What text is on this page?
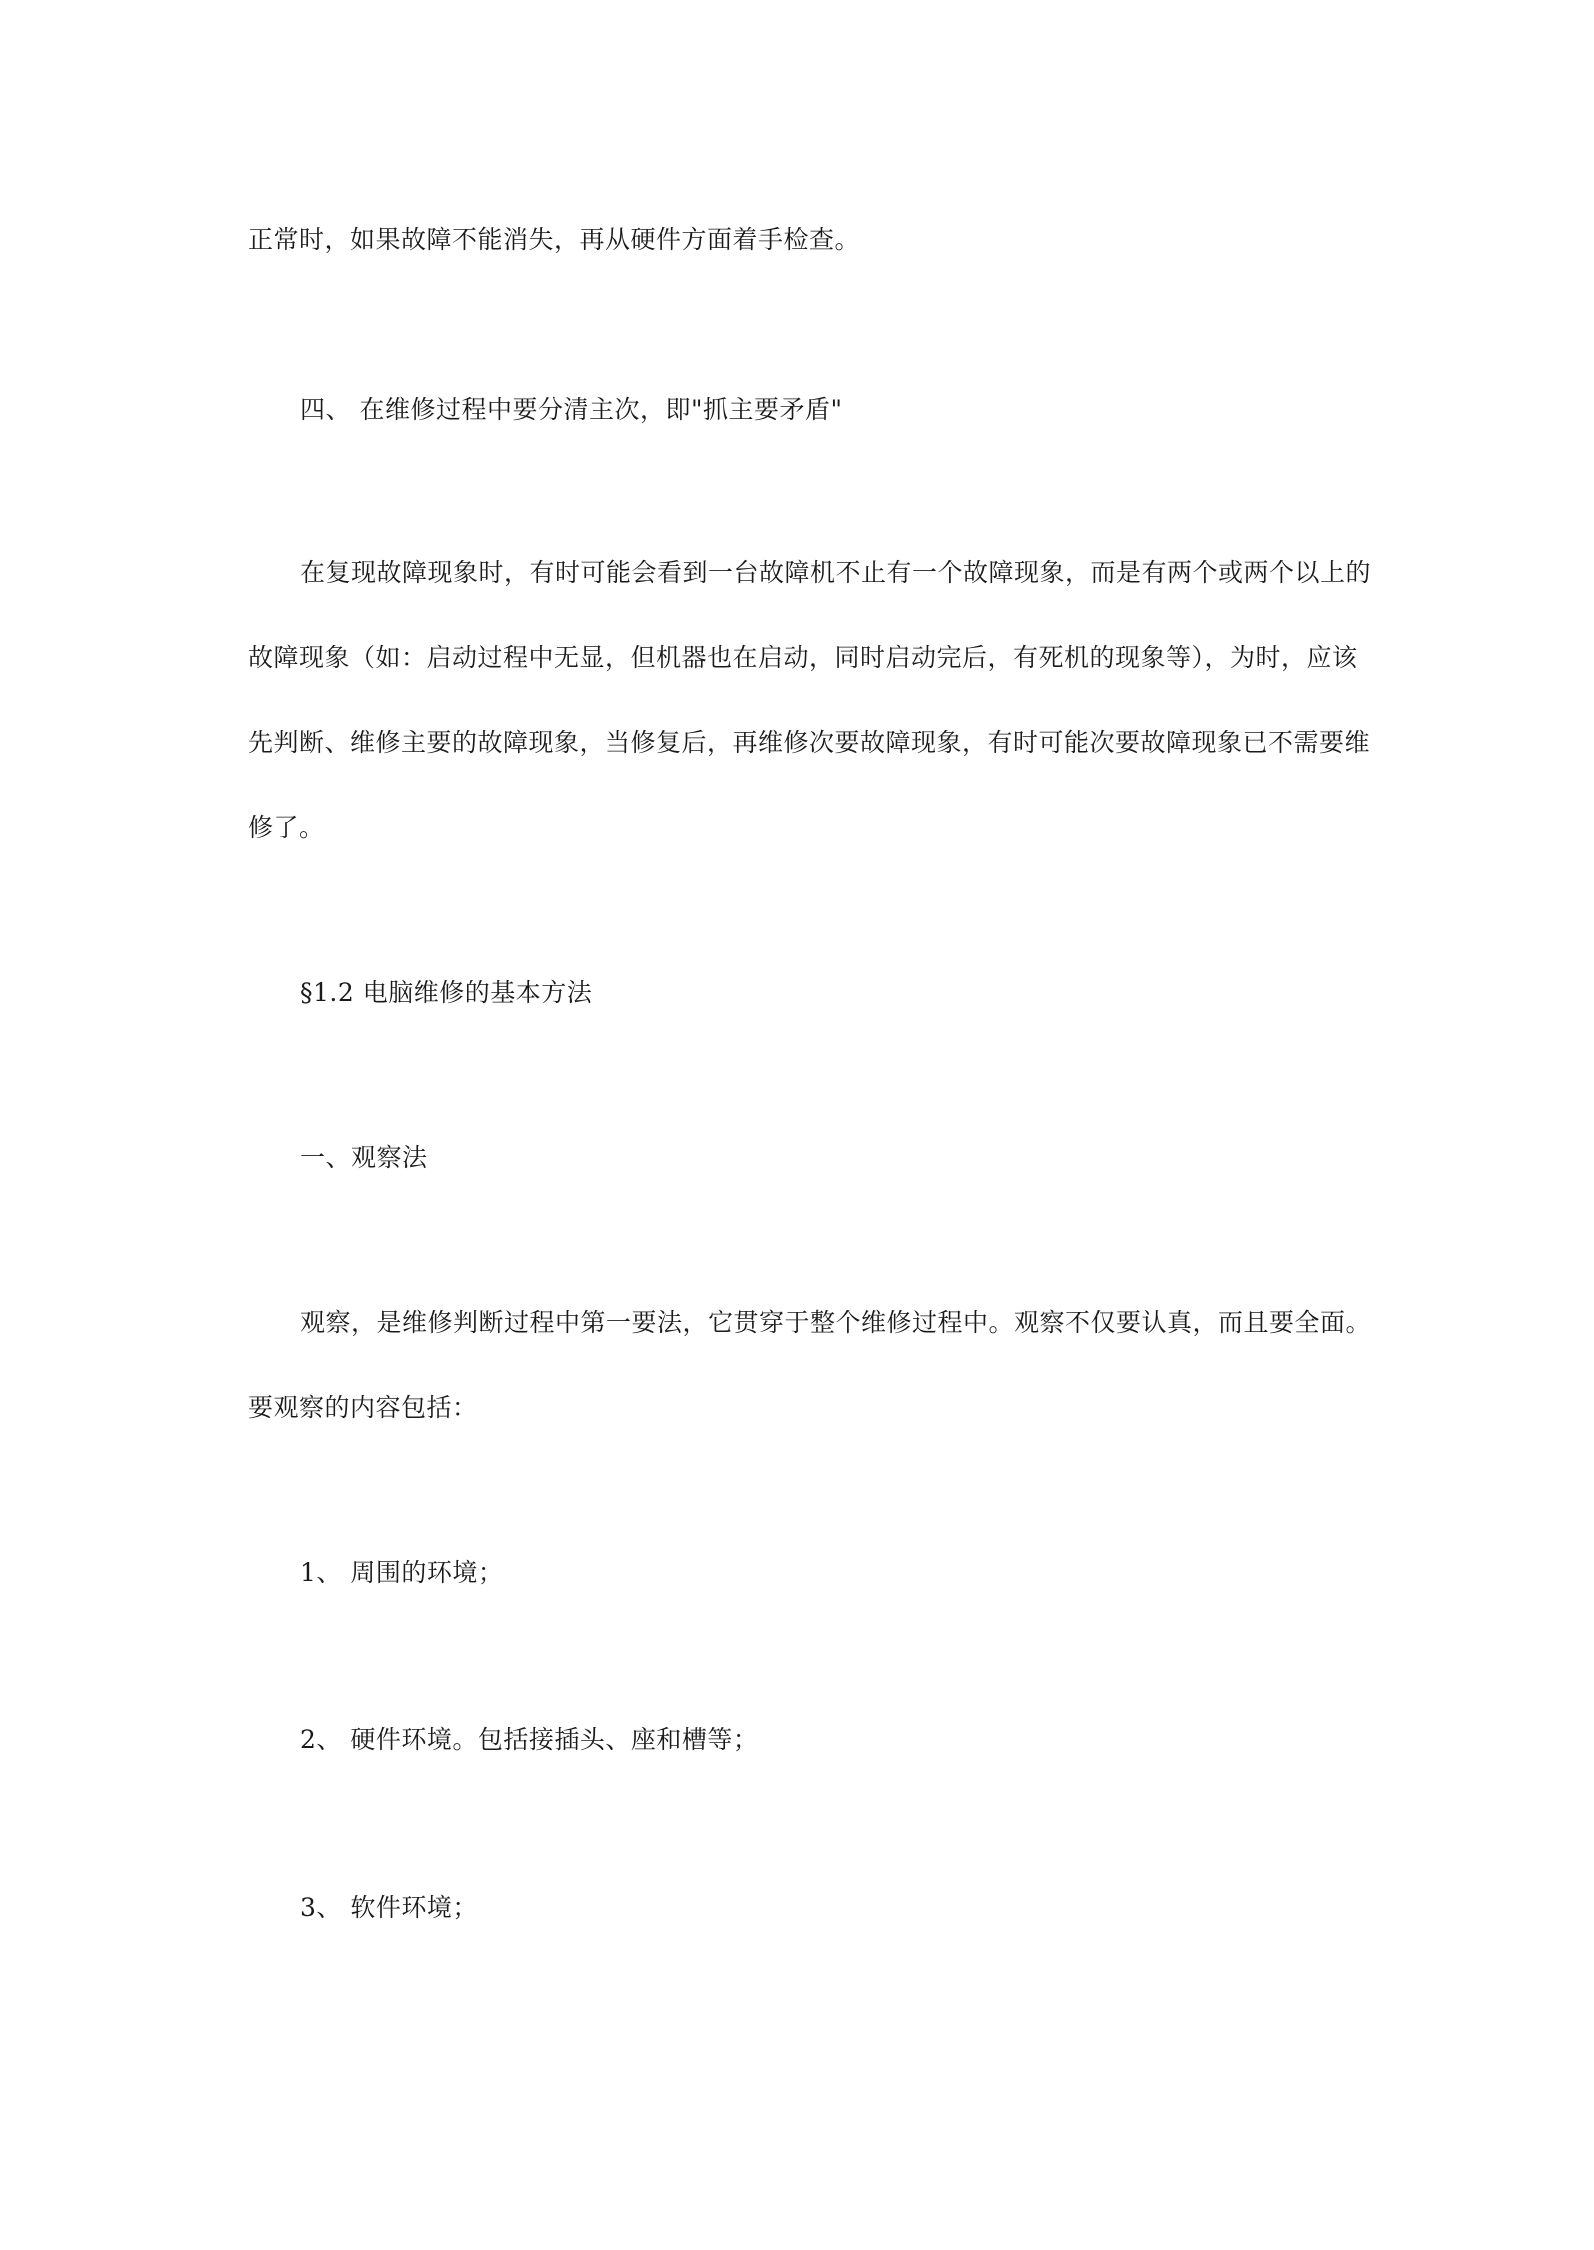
正常时，如果故障不能消失，再从硬件方面着手检查。
四、 在维修过程中要分清主次，即"抓主要矛盾"
在复现故障现象时，有时可能会看到一台故障机不止有一个故障现象，而是有两个或两个以上的
故障现象（如：启动过程中无显，但机器也在启动，同时启动完后，有死机的现象等），为时，应该
先判断、维修主要的故障现象，当修复后，再维修次要故障现象，有时可能次要故障现象已不需要维
修了。
§1.2 电脑维修的基本方法
一、观察法
观察，是维修判断过程中第一要法，它贯穿于整个维修过程中。观察不仅要认真，而且要全面。
要观察的内容包括：
1、 周围的环境；
2、 硬件环境。包括接插头、座和槽等；
3、 软件环境；
